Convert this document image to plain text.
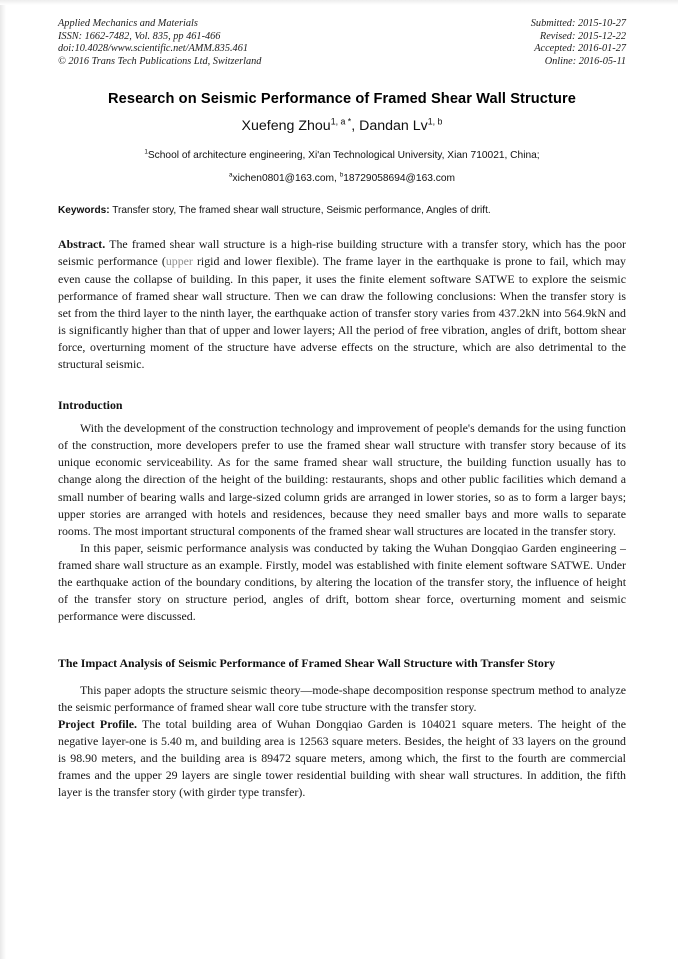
Applied Mechanics and Materials
ISSN: 1662-7482, Vol. 835, pp 461-466
doi:10.4028/www.scientific.net/AMM.835.461
© 2016 Trans Tech Publications Ltd, Switzerland
Submitted: 2015-10-27
Revised: 2015-12-22
Accepted: 2016-01-27
Online: 2016-05-11
Research on Seismic Performance of Framed Shear Wall Structure
Xuefeng Zhou$^{1, a *}$, Dandan Lv$^{1, b}$
$^1$School of architecture engineering, Xi'an Technological University, Xian 710021, China;
$^a$xichen0801@163.com, $^b$18729058694@163.com
Keywords: Transfer story, The framed shear wall structure, Seismic performance, Angles of drift.

Abstract. The framed shear wall structure is a high-rise building structure with a transfer story, which has the poor seismic performance (upper rigid and lower flexible). The frame layer in the earthquake is prone to fail, which may even cause the collapse of building. In this paper, it uses the finite element software SATWE to explore the seismic performance of framed shear wall structure. Then we can draw the following conclusions: When the transfer story is set from the third layer to the ninth layer, the earthquake action of transfer story varies from 437.2kN into 564.9kN and is significantly higher than that of upper and lower layers; All the period of free vibration, angles of drift, bottom shear force, overturning moment of the structure have adverse effects on the structure, which are also detrimental to the structural seismic.

Introduction

With the development of the construction technology and improvement of people's demands for the using function of the construction, more developers prefer to use the framed shear wall structure with transfer story because of its unique economic serviceability. As for the same framed shear wall structure, the building function usually has to change along the direction of the height of the building: restaurants, shops and other public facilities which demand a small number of bearing walls and large-sized column grids are arranged in lower stories, so as to form a larger bays; upper stories are arranged with hotels and residences, because they need smaller bays and more walls to separate rooms. The most important structural components of the framed shear wall structures are located in the transfer story.

In this paper, seismic performance analysis was conducted by taking the Wuhan Dongqiao Garden engineering – framed share wall structure as an example. Firstly, model was established with finite element software SATWE. Under the earthquake action of the boundary conditions, by altering the location of the transfer story, the influence of height of the transfer story on structure period, angles of drift, bottom shear force, overturning moment and seismic performance were discussed.

The Impact Analysis of Seismic Performance of Framed Shear Wall Structure with Transfer Story

This paper adopts the structure seismic theory—mode-shape decomposition response spectrum method to analyze the seismic performance of framed shear wall core tube structure with the transfer story.

Project Profile. The total building area of Wuhan Dongqiao Garden is 104021 square meters. The height of the negative layer-one is 5.40 m, and building area is 12563 square meters. Besides, the height of 33 layers on the ground is 98.90 meters, and the building area is 89472 square meters, among which, the first to the fourth are commercial frames and the upper 29 layers are single tower residential building with shear wall structures. In addition, the fifth layer is the transfer story (with girder type transfer).
